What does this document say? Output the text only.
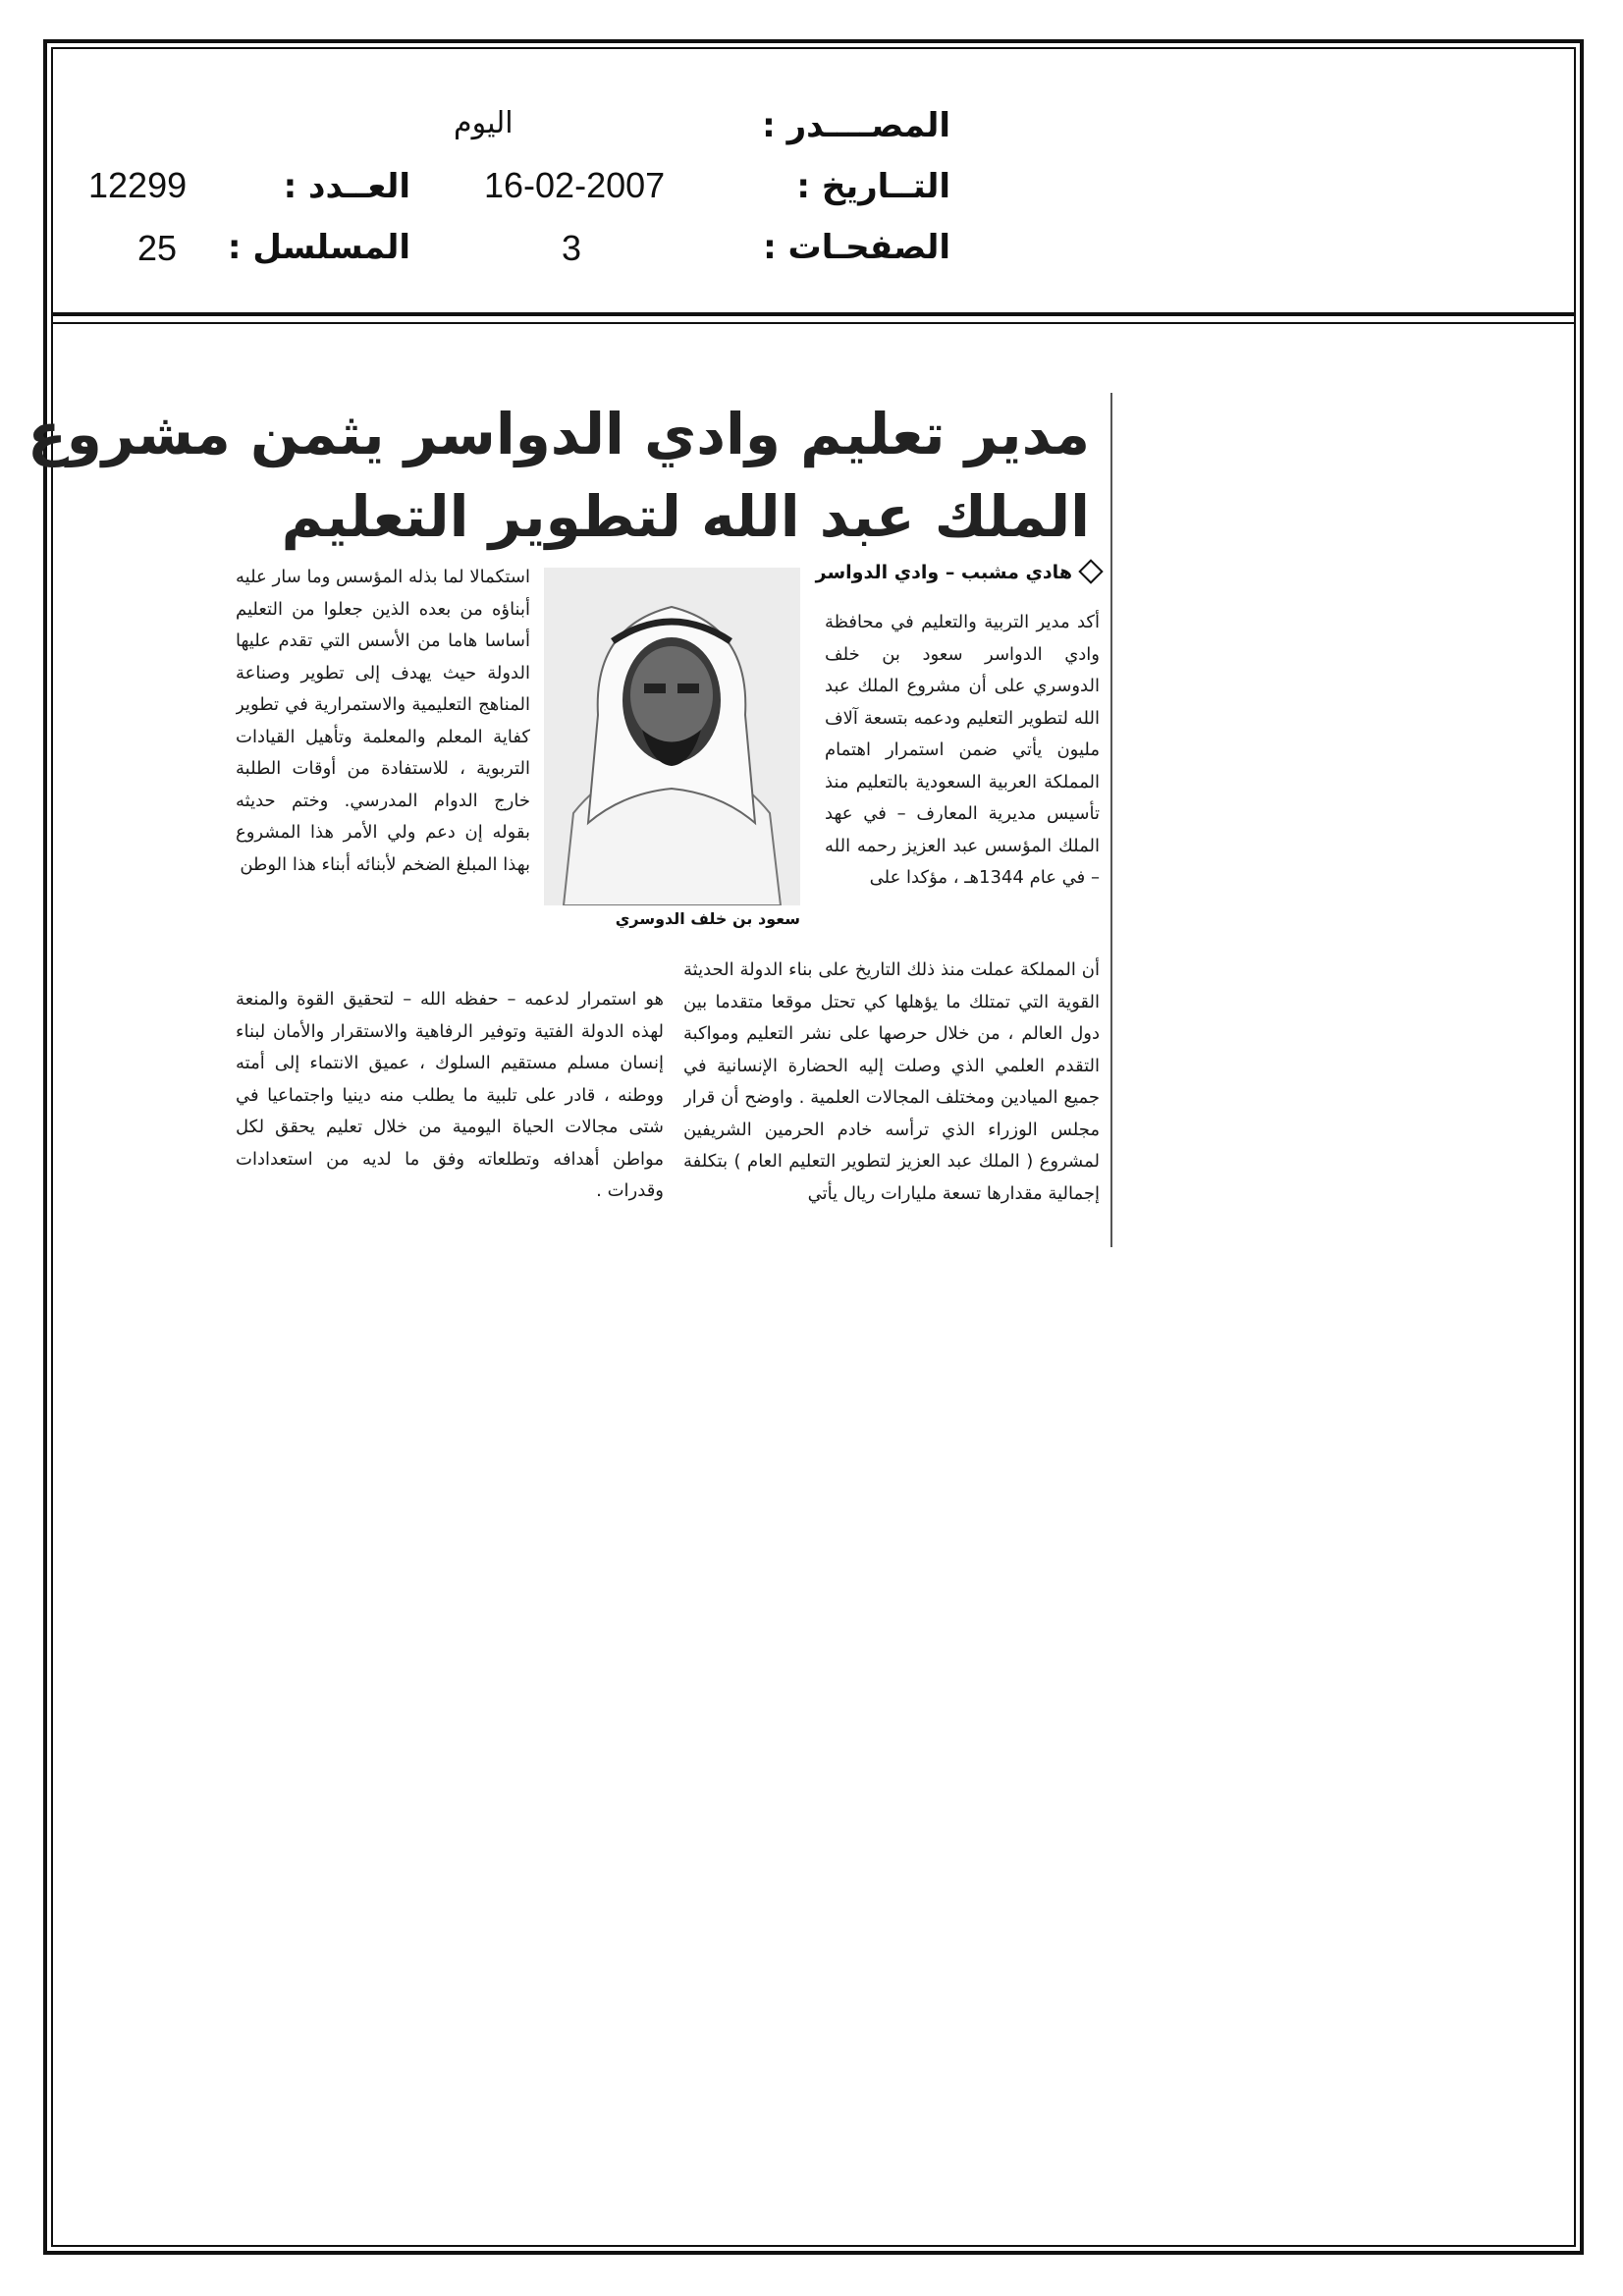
المصــــدر :
اليوم
التــاريخ :
16-02-2007
العــدد :
12299
الصفحـات :
3
المسلسل :
25
مدير تعليم وادي الدواسر يثمن مشروع
الملك عبد الله لتطوير التعليم
هادي مشبب – وادي الدواسر
سعود بن خلف الدوسري

أكد مدير التربية والتعليم في محافظة وادي الدواسر سعود بن خلف الدوسري على أن مشروع الملك عبد الله لتطوير التعليم ودعمه بتسعة آلاف مليون يأتي ضمن استمرار اهتمام المملكة العربية السعودية بالتعليم منذ تأسيس مديرية المعارف – في عهد الملك المؤسس عبد العزيز رحمه الله – في عام 1344هـ ، مؤكدا على

أن المملكة عملت منذ ذلك التاريخ على بناء الدولة الحديثة القوية التي تمتلك ما يؤهلها كي تحتل موقعا متقدما بين دول العالم ، من خلال حرصها على نشر التعليم ومواكبة التقدم العلمي الذي وصلت إليه الحضارة الإنسانية في جميع الميادين ومختلف المجالات العلمية . واوضح أن قرار مجلس الوزراء الذي ترأسه خادم الحرمين الشريفين لمشروع ( الملك عبد العزيز لتطوير التعليم العام ) بتكلفة إجمالية مقدارها تسعة مليارات ريال يأتي

استكمالا لما بذله المؤسس وما سار عليه أبناؤه من بعده الذين جعلوا من التعليم أساسا هاما من الأسس التي تقدم عليها الدولة حيث يهدف إلى تطوير وصناعة المناهج التعليمية والاستمرارية في تطوير كفاية المعلم والمعلمة وتأهيل القيادات التربوية ، للاستفادة من أوقات الطلبة خارج الدوام المدرسي. وختم حديثه بقوله إن دعم ولي الأمر هذا المشروع بهذا المبلغ الضخم لأبنائه أبناء هذا الوطن

هو استمرار لدعمه – حفظه الله – لتحقيق القوة والمنعة لهذه الدولة الفتية وتوفير الرفاهية والاستقرار والأمان لبناء إنسان مسلم مستقيم السلوك ، عميق الانتماء إلى أمته ووطنه ، قادر على تلبية ما يطلب منه دينيا واجتماعيا في شتى مجالات الحياة اليومية من خلال تعليم يحقق لكل مواطن أهدافه وتطلعاته وفق ما لديه من استعدادات وقدرات .
